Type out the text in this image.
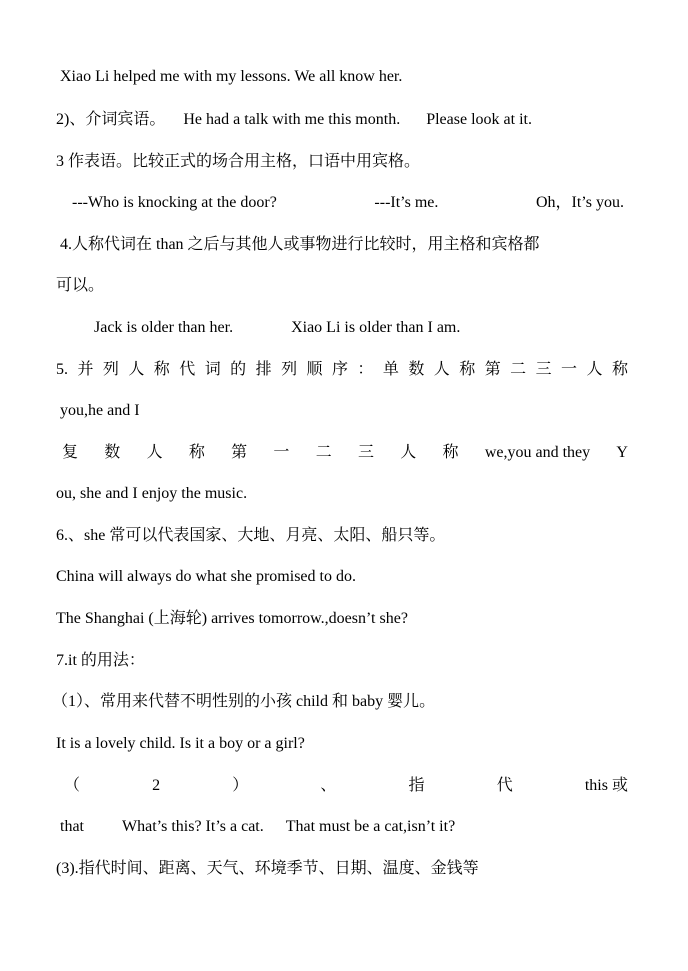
Xiao Li helped me with my lessons. We all know her.
2)、介词宾语。 He had a talk with me this month. Please look at it.
3 作表语。比较正式的场合用主格，口语中用宾格。
---Who is knocking at the door?	---It’s me.	Oh，It’s you.
4.人称代词在 than 之后与其他人或事物进行比较时，用主格和宾格都
可以。
Jack is older than her.	Xiao Li is older than I am.
5. 并 列 人 称 代 词 的 排 列 顺 序 ： 单 数 人 称 第 二 三 一 人 称
you,he and I
复 数 人 称 第 一 二 三 人 称 we,you and they Y
ou, she and I enjoy the music.
6.、she 常可以代表国家、大地、月亮、太阳、船只等。
China will always do what she promised to do.
The Shanghai (上海轮) arrives tomorrow.,doesn’t she?
7.it 的用法：
（1）、常用来代替不明性别的小孩 child 和 baby 婴儿。
It is a lovely child. Is it a boy or a girl?
（	2	）	、	指	代	this 或
that What’s this? It’s a cat. That must be a cat,isn’t it?
(3).指代时间、距离、天气、环境季节、日期、温度、金钱等
